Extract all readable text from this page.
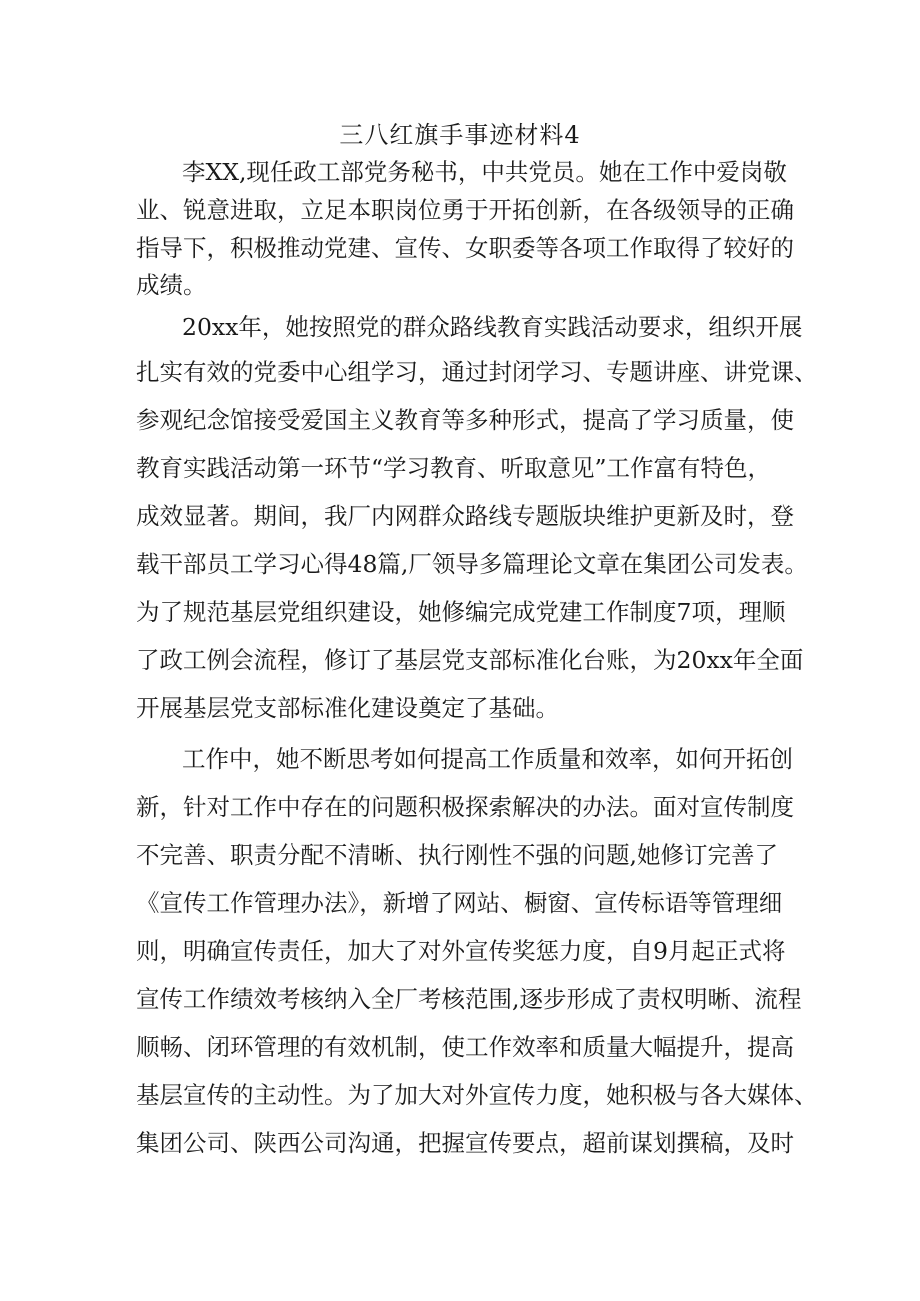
三八红旗手事迹材料4
李XX,现任政工部党务秘书，中共党员。她在工作中爱岗敬
业、锐意进取，立足本职岗位勇于开拓创新，在各级领导的正确
指导下，积极推动党建、宣传、女职委等各项工作取得了较好的
成绩。
20xx年，她按照党的群众路线教育实践活动要求，组织开展
扎实有效的党委中心组学习，通过封闭学习、专题讲座、讲党课、
参观纪念馆接受爱国主义教育等多种形式，提高了学习质量，使
教育实践活动第一环节“学习教育、听取意见”工作富有特色，
成效显著。期间，我厂内网群众路线专题版块维护更新及时，登
载干部员工学习心得48篇,厂领导多篇理论文章在集团公司发表。
为了规范基层党组织建设，她修编完成党建工作制度7项，理顺
了政工例会流程，修订了基层党支部标准化台账，为20xx年全面
开展基层党支部标准化建设奠定了基础。
工作中，她不断思考如何提高工作质量和效率，如何开拓创
新，针对工作中存在的问题积极探索解决的办法。面对宣传制度
不完善、职责分配不清晰、执行刚性不强的问题,她修订完善了
《宣传工作管理办法》，新增了网站、橱窗、宣传标语等管理细
则，明确宣传责任，加大了对外宣传奖惩力度，自9月起正式将
宣传工作绩效考核纳入全厂考核范围,逐步形成了责权明晰、流程
顺畅、闭环管理的有效机制，使工作效率和质量大幅提升，提高
基层宣传的主动性。为了加大对外宣传力度，她积极与各大媒体、
集团公司、陕西公司沟通，把握宣传要点，超前谋划撰稿，及时
